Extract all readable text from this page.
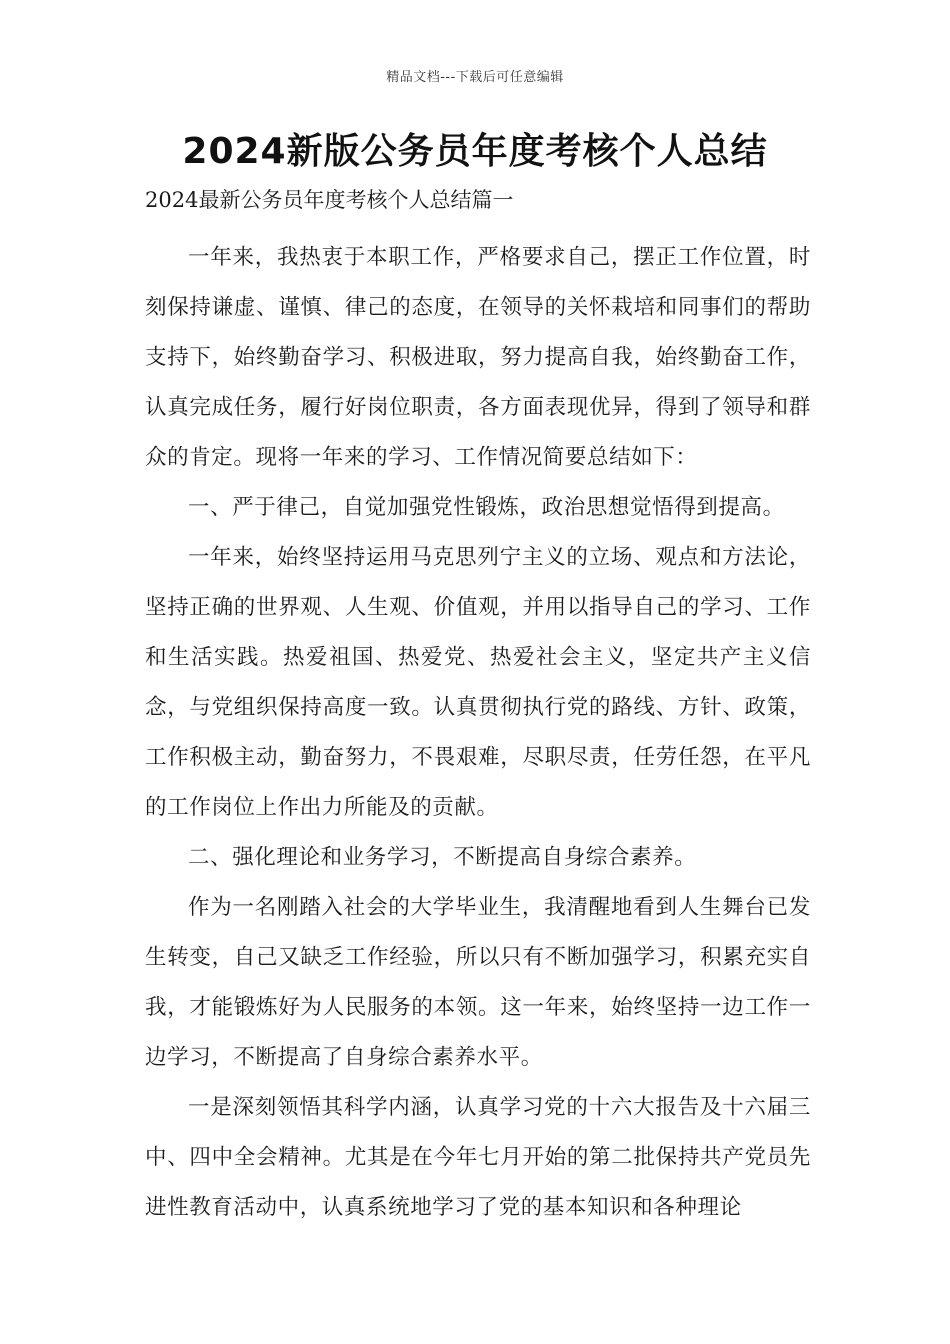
精品文档---下载后可任意编辑
2024新版公务员年度考核个人总结
2024最新公务员年度考核个人总结篇一

一年来，我热衷于本职工作，严格要求自己，摆正工作位置，时刻保持谦虚、谨慎、律己的态度，在领导的关怀栽培和同事们的帮助支持下，始终勤奋学习、积极进取，努力提高自我，始终勤奋工作，认真完成任务，履行好岗位职责，各方面表现优异，得到了领导和群众的肯定。现将一年来的学习、工作情况简要总结如下：

一、严于律己，自觉加强党性锻炼，政治思想觉悟得到提高。

一年来，始终坚持运用马克思列宁主义的立场、观点和方法论，坚持正确的世界观、人生观、价值观，并用以指导自己的学习、工作和生活实践。热爱祖国、热爱党、热爱社会主义，坚定共产主义信念，与党组织保持高度一致。认真贯彻执行党的路线、方针、政策，工作积极主动，勤奋努力，不畏艰难，尽职尽责，任劳任怨，在平凡的工作岗位上作出力所能及的贡献。

二、强化理论和业务学习，不断提高自身综合素养。

作为一名刚踏入社会的大学毕业生，我清醒地看到人生舞台已发生转变，自己又缺乏工作经验，所以只有不断加强学习，积累充实自我，才能锻炼好为人民服务的本领。这一年来，始终坚持一边工作一边学习，不断提高了自身综合素养水平。

一是深刻领悟其科学内涵，认真学习党的十六大报告及十六届三中、四中全会精神。尤其是在今年七月开始的第二批保持共产党员先进性教育活动中，认真系统地学习了党的基本知识和各种理论
